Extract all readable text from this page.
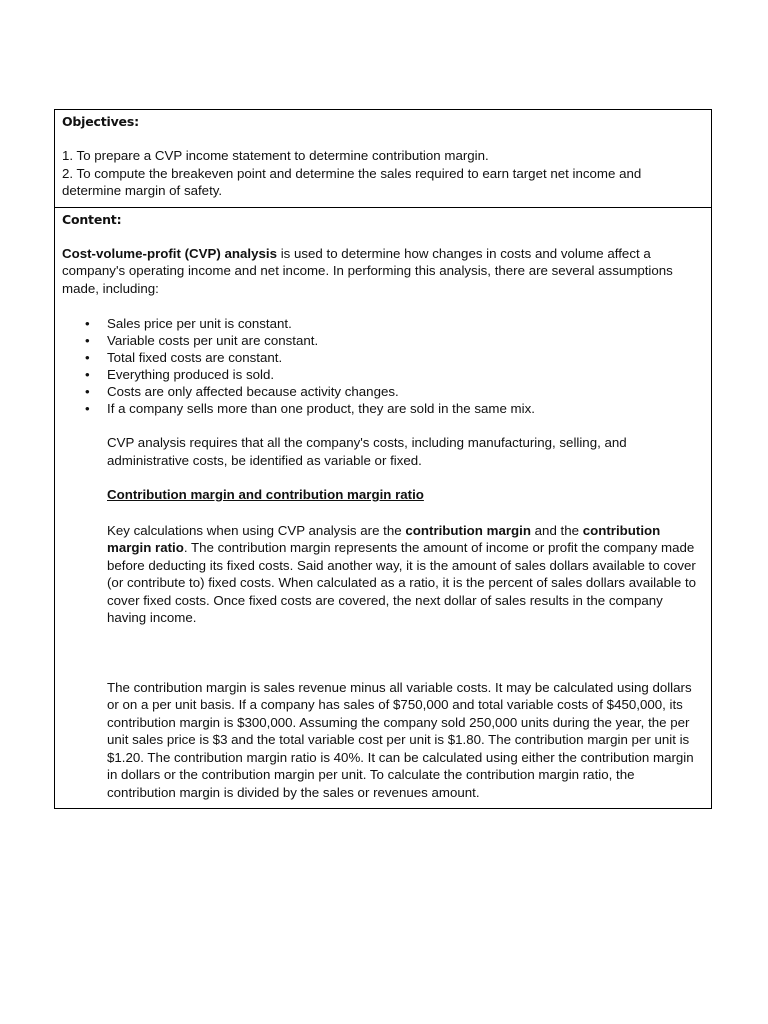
Objectives:
1. To prepare a CVP income statement to determine contribution margin.
2. To compute the breakeven point and determine the sales required to earn target net income and determine margin of safety.
Content:

Cost-volume-profit (CVP) analysis is used to determine how changes in costs and volume affect a company's operating income and net income. In performing this analysis, there are several assumptions made, including:

• Sales price per unit is constant.
• Variable costs per unit are constant.
• Total fixed costs are constant.
• Everything produced is sold.
• Costs are only affected because activity changes.
• If a company sells more than one product, they are sold in the same mix.

CVP analysis requires that all the company's costs, including manufacturing, selling, and administrative costs, be identified as variable or fixed.

Contribution margin and contribution margin ratio

Key calculations when using CVP analysis are the contribution margin and the contribution margin ratio. The contribution margin represents the amount of income or profit the company made before deducting its fixed costs. Said another way, it is the amount of sales dollars available to cover (or contribute to) fixed costs. When calculated as a ratio, it is the percent of sales dollars available to cover fixed costs. Once fixed costs are covered, the next dollar of sales results in the company having income.

The contribution margin is sales revenue minus all variable costs. It may be calculated using dollars or on a per unit basis. If a company has sales of $750,000 and total variable costs of $450,000, its contribution margin is $300,000. Assuming the company sold 250,000 units during the year, the per unit sales price is $3 and the total variable cost per unit is $1.80. The contribution margin per unit is $1.20. The contribution margin ratio is 40%. It can be calculated using either the contribution margin in dollars or the contribution margin per unit. To calculate the contribution margin ratio, the contribution margin is divided by the sales or revenues amount.
